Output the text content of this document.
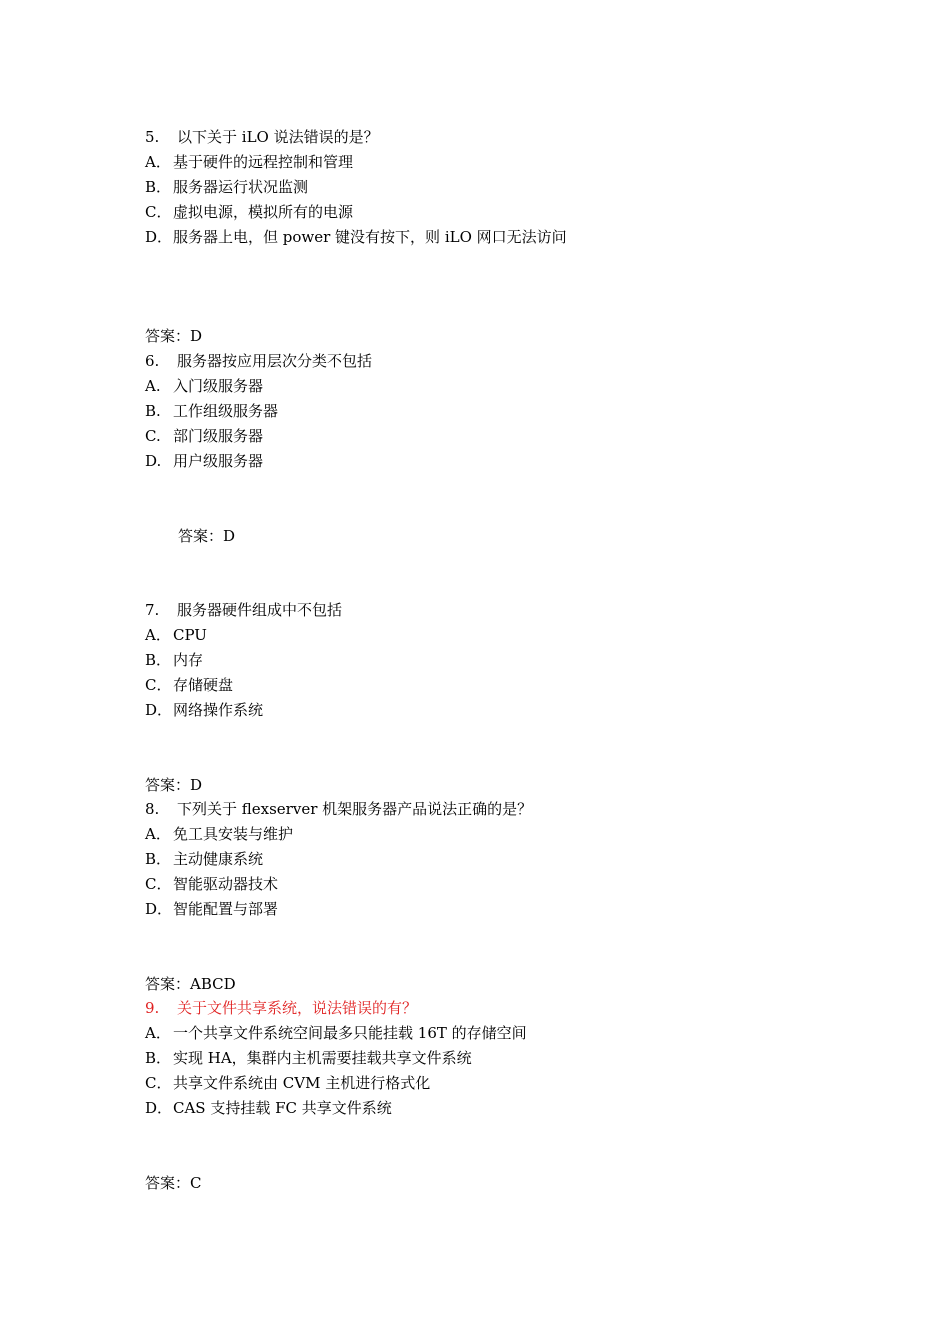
5. 以下关于 iLO 说法错误的是？
A． 基于硬件的远程控制和管理
B． 服务器运行状况监测
C． 虚拟电源，模拟所有的电源
D．服务器上电，但 power 键没有按下，则 iLO 网口无法访问
答案：D
6. 服务器按应用层次分类不包括
A. 入门级服务器
B. 工作组级服务器
C. 部门级服务器
D. 用户级服务器
答案：D
7. 服务器硬件组成中不包括
A． CPU
B． 内存
C． 存储硬盘
D．网络操作系统
答案：D
8. 下列关于 flexserver 机架服务器产品说法正确的是？
A． 免工具安装与维护
B． 主动健康系统
C． 智能驱动器技术
D．智能配置与部署
答案：ABCD
9. 关于文件共享系统，说法错误的有？
A． 一个共享文件系统空间最多只能挂载 16T 的存储空间
B． 实现 HA，集群内主机需要挂载共享文件系统
C． 共享文件系统由 CVM 主机进行格式化
D．CAS 支持挂载 FC 共享文件系统
答案：C
